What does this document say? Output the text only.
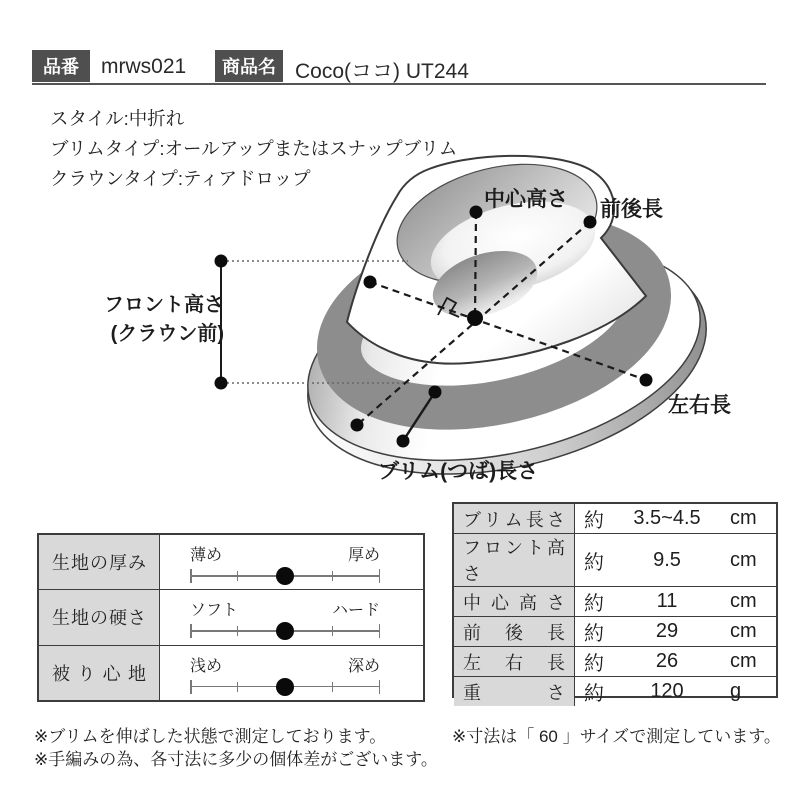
品番	mrws021	商品名 Coco(ココ) UT244
スタイル:中折れ
ブリムタイプ:オールアップまたはスナップブリム
クラウンタイプ:ティアドロップ
中心高さ 前後長
フロント高さ
(クラウン前)
左右長
ブリム(つば)長さ
生地の厚み	薄め	厚め
生地の硬さ	ソフト	ハード
被り心地	浅め	深め
ブリム長さ 約	3.5~4.5	cm
フロント高さ
約	9.5	cm
中心高さ 約	11	cm
前後長 約	29	cm
左右長 約	26	cm
重さ 約	120	g
※ブリムを伸ばした状態で測定しております。
※手編みの為、各寸法に多少の個体差がございます。
※寸法は「 60 」サイズで測定しています。
